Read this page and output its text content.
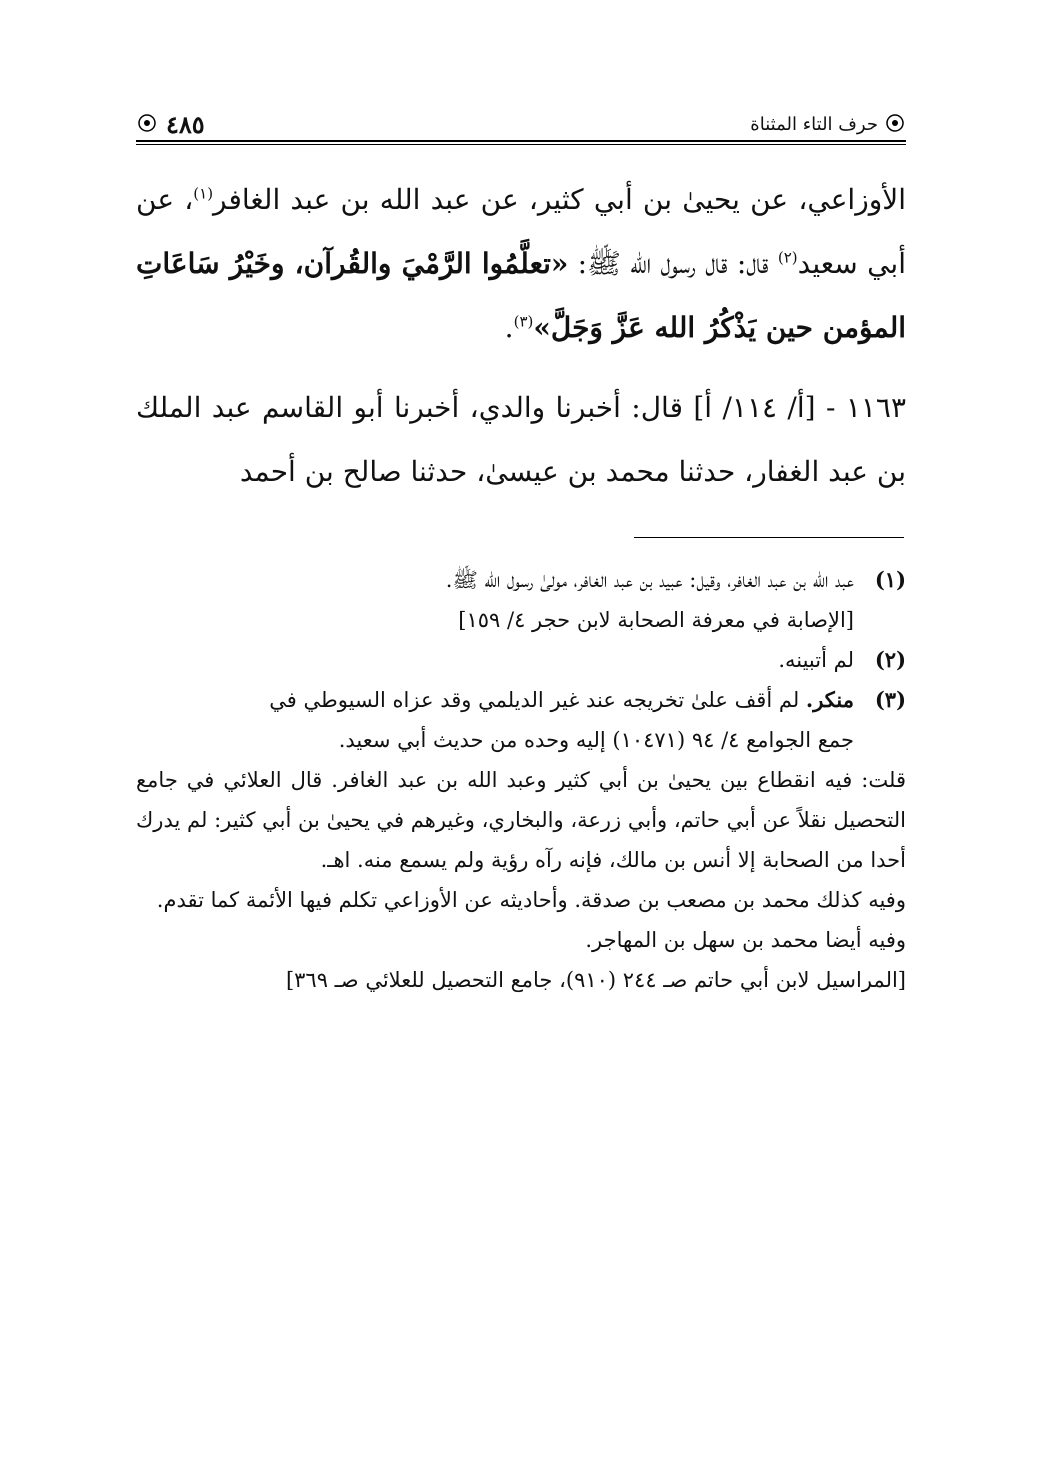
حرف التاء المثناة
٤٨٥

الأوزاعي، عن يحيىٰ بن أبي كثير، عن عبد الله بن عبد الغافر$^{(١)}$، عن أبي سعيد$^{(٢)}$ قال: قال رسول الله ﷺ: «تعلَّمُوا الرَّمْيَ والقُرآن، وخَيْرُ سَاعَاتِ المؤمن حين يَذْكُرُ الله عَزَّ وَجَلَّ»$^{(٣)}$.

١١٦٣ - [أ/ ١١٤/ أ] قال: أخبرنا والدي، أخبرنا أبو القاسم عبد الملك بن عبد الغفار، حدثنا محمد بن عيسىٰ، حدثنا صالح بن أحمد

(١)
عبد الله بن عبد الغافر، وقيل: عبيد بن عبد الغافر، مولىٰ رسول الله ﷺ.
[الإصابة في معرفة الصحابة لابن حجر ٤/ ١٥٩]
(٢)
لم أتبينه.
(٣)
منكر. لم أقف علىٰ تخريجه عند غير الديلمي وقد عزاه السيوطي في
جمع الجوامع ٤/ ٩٤ (١٠٤٧١) إليه وحده من حديث أبي سعيد.

قلت: فيه انقطاع بين يحيىٰ بن أبي كثير وعبد الله بن عبد الغافر. قال العلائي في جامع التحصيل نقلاً عن أبي حاتم، وأبي زرعة، والبخاري، وغيرهم في يحيىٰ بن أبي كثير: لم يدرك أحدا من الصحابة إلا أنس بن مالك، فإنه رآه رؤية ولم يسمع منه. اهـ.

وفيه كذلك محمد بن مصعب بن صدقة. وأحاديثه عن الأوزاعي تكلم فيها الأئمة كما تقدم.

وفيه أيضا محمد بن سهل بن المهاجر.

[المراسيل لابن أبي حاتم صـ ٢٤٤ (٩١٠)، جامع التحصيل للعلائي صـ ٣٦٩]
